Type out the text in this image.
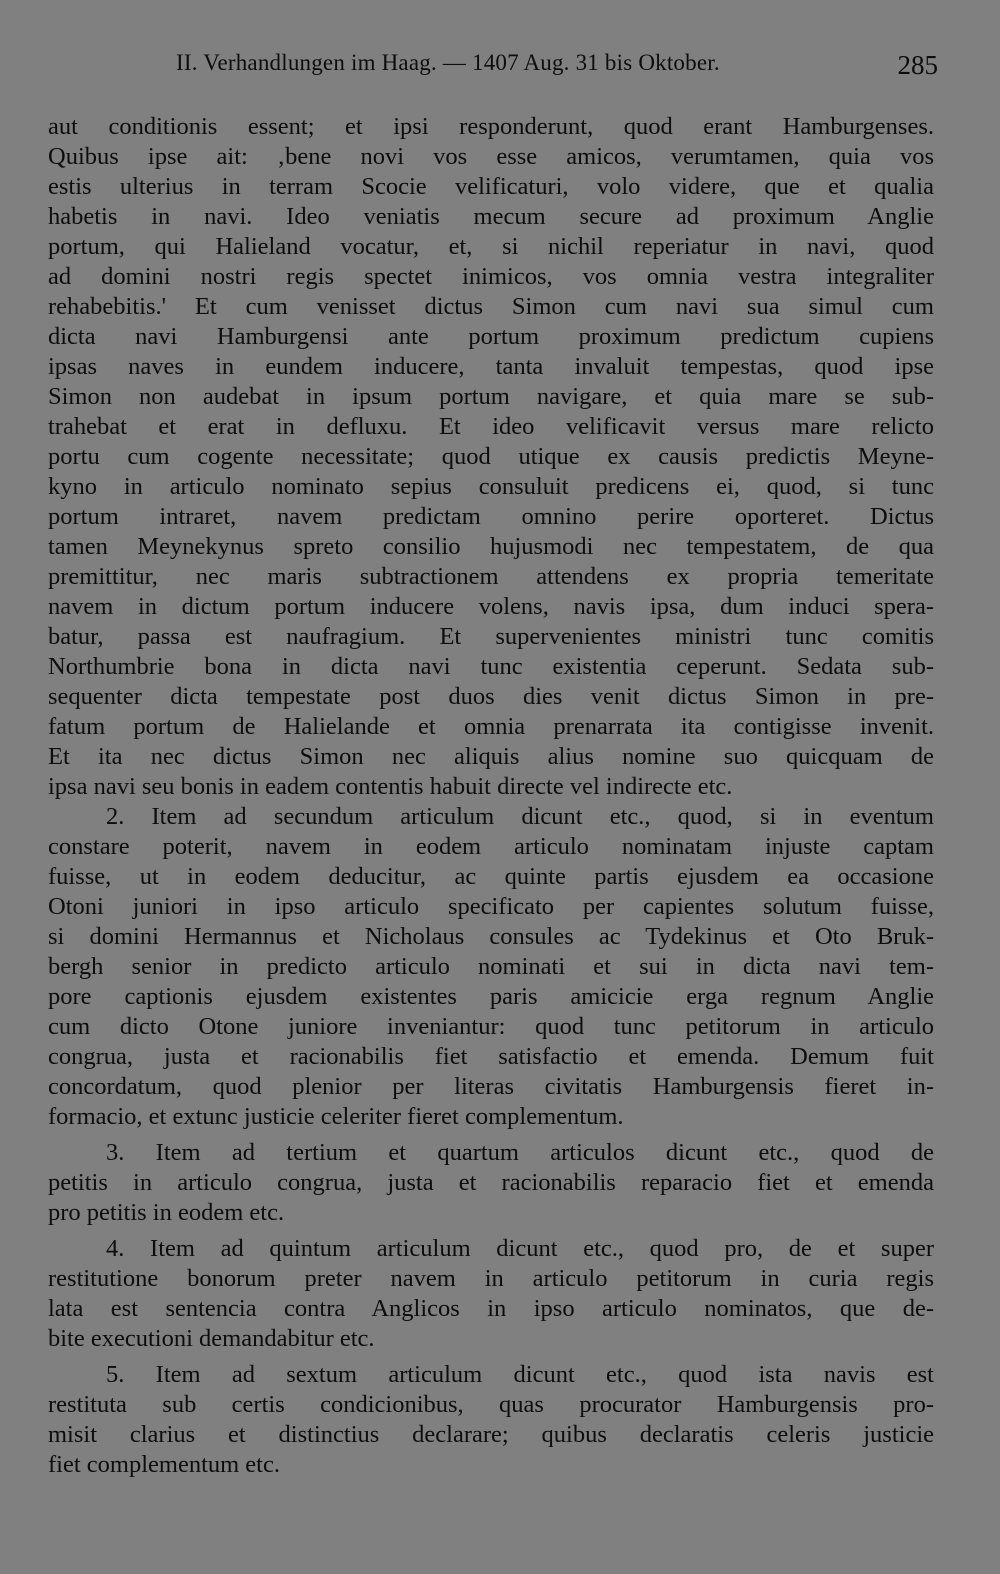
II. Verhandlungen im Haag. — 1407 Aug. 31 bis Oktober.	285
aut conditionis essent; et ipsi responderunt, quod erant Hamburgenses.
Quibus ipse ait: ‚bene novi vos esse amicos, verumtamen, quia vos
estis ulterius in terram Scocie velificaturi, volo videre, que et qualia
habetis in navi. Ideo veniatis mecum secure ad proximum Anglie
portum, qui Halieland vocatur, et, si nichil reperiatur in navi, quod
ad domini nostri regis spectet inimicos, vos omnia vestra integraliter
rehabebitis.' Et cum venisset dictus Simon cum navi sua simul cum
dicta navi Hamburgensi ante portum proximum predictum cupiens
ipsas naves in eundem inducere, tanta invaluit tempestas, quod ipse
Simon non audebat in ipsum portum navigare, et quia mare se sub-
trahebat et erat in defluxu. Et ideo velificavit versus mare relicto
portu cum cogente necessitate; quod utique ex causis predictis Meyne-
kyno in articulo nominato sepius consuluit predicens ei, quod, si tunc
portum intraret, navem predictam omnino perire oporteret. Dictus
tamen Meynekynus spreto consilio hujusmodi nec tempestatem, de qua
premittitur, nec maris subtractionem attendens ex propria temeritate
navem in dictum portum inducere volens, navis ipsa, dum induci spera-
batur, passa est naufragium. Et supervenientes ministri tunc comitis
Northumbrie bona in dicta navi tunc existentia ceperunt. Sedata sub-
sequenter dicta tempestate post duos dies venit dictus Simon in pre-
fatum portum de Halielande et omnia prenarrata ita contigisse invenit.
Et ita nec dictus Simon nec aliquis alius nomine suo quicquam de
ipsa navi seu bonis in eadem contentis habuit directe vel indirecte etc.
2. Item ad secundum articulum dicunt etc., quod, si in eventum
constare poterit, navem in eodem articulo nominatam injuste captam
fuisse, ut in eodem deducitur, ac quinte partis ejusdem ea occasione
Otoni juniori in ipso articulo specificato per capientes solutum fuisse,
si domini Hermannus et Nicholaus consules ac Tydekinus et Oto Bruk-
bergh senior in predicto articulo nominati et sui in dicta navi tem-
pore captionis ejusdem existentes paris amicicie erga regnum Anglie
cum dicto Otone juniore inveniantur: quod tunc petitorum in articulo
congrua, justa et racionabilis fiet satisfactio et emenda. Demum fuit
concordatum, quod plenior per literas civitatis Hamburgensis fieret in-
formacio, et extunc justicie celeriter fieret complementum.
3. Item ad tertium et quartum articulos dicunt etc., quod de
petitis in articulo congrua, justa et racionabilis reparacio fiet et emenda
pro petitis in eodem etc.
4. Item ad quintum articulum dicunt etc., quod pro, de et super
restitutione bonorum preter navem in articulo petitorum in curia regis
lata est sentencia contra Anglicos in ipso articulo nominatos, que de-
bite executioni demandabitur etc.
5. Item ad sextum articulum dicunt etc., quod ista navis est
restituta sub certis condicionibus, quas procurator Hamburgensis pro-
misit clarius et distinctius declarare; quibus declaratis celeris justicie
fiet complementum etc.
